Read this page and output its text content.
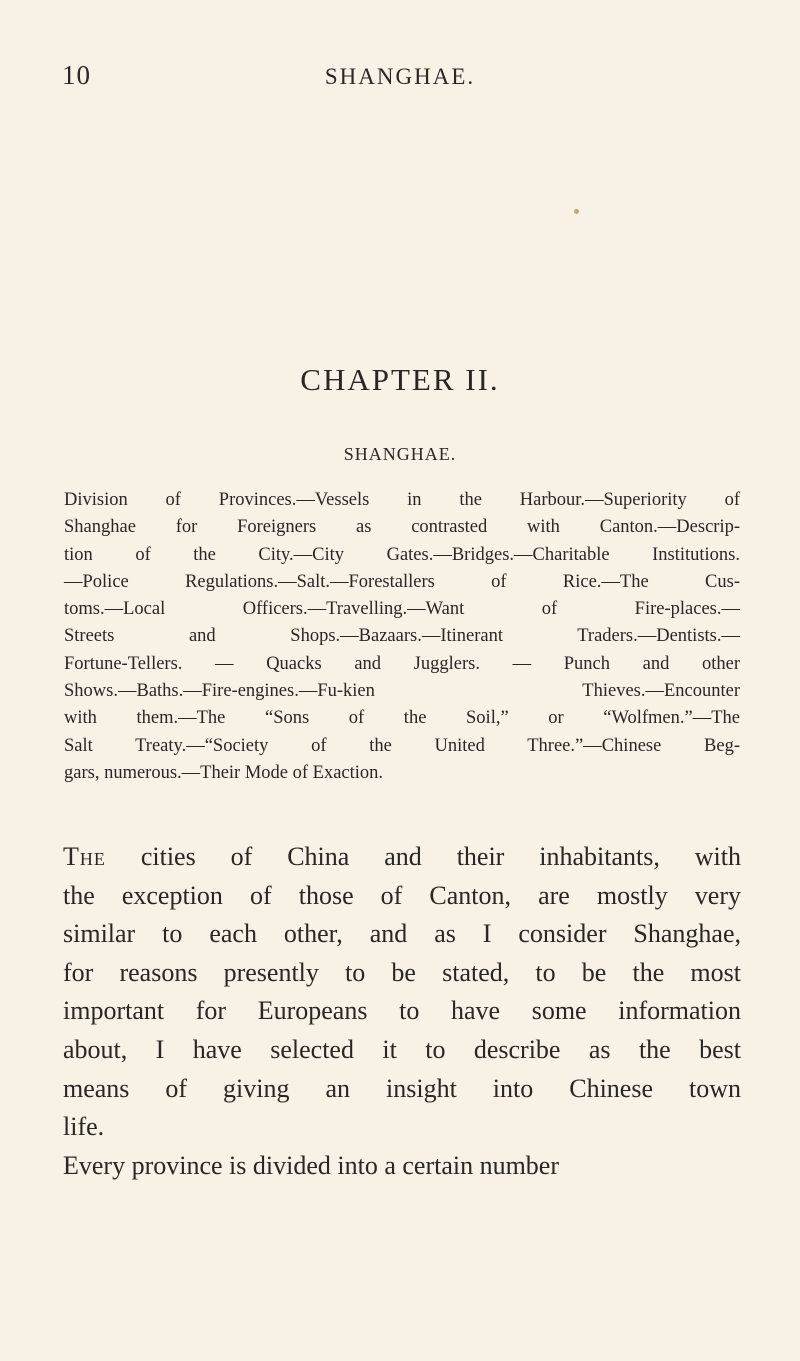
10	SHANGHAE.
CHAPTER II.
SHANGHAE.
Division of Provinces.—Vessels in the Harbour.—Superiority of
Shanghae for Foreigners as contrasted with Canton.—Descrip-
tion of the City.—City Gates.—Bridges.—Charitable Institutions.
—Police Regulations.—Salt.—Forestallers of Rice.—The Cus-
toms.—Local Officers.—Travelling.—Want of Fire-places.—
Streets and Shops.—Bazaars.—Itinerant Traders.—Dentists.—
Fortune-Tellers. — Quacks and Jugglers. — Punch and other
Shows.—Baths.—Fire-engines.—Fu-kien Thieves.—Encounter
with them.—The “Sons of the Soil,” or “Wolfmen.”—The
Salt Treaty.—“Society of the United Three.”—Chinese Beg-
gars, numerous.—Their Mode of Exaction.
The cities of China and their inhabitants, with
the exception of those of Canton, are mostly very
similar to each other, and as I consider Shanghae,
for reasons presently to be stated, to be the most
important for Europeans to have some information
about, I have selected it to describe as the best
means of giving an insight into Chinese town
life.
Every province is divided into a certain number
